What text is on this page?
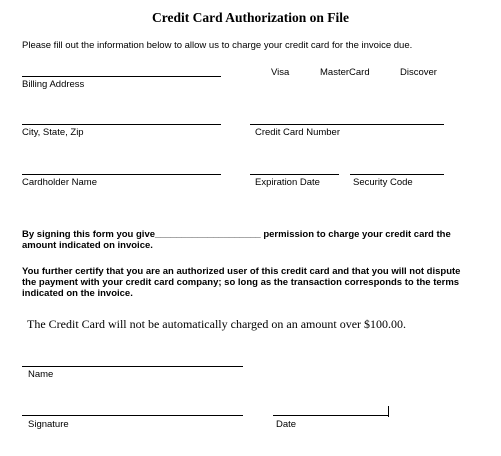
Credit Card Authorization on File
Please fill out the information below to allow us to charge your credit card for the invoice due.
Billing Address
Visa	MasterCard	Discover
City, State, Zip	Credit Card Number
Cardholder Name	Expiration Date	Security Code
By signing this form you give____________________ permission to charge your credit card the
amount indicated on invoice.
You further certify that you are an authorized user of this credit card and that you will not dispute
the payment with your credit card company; so long as the transaction corresponds to the terms
indicated on the invoice.
The Credit Card will not be automatically charged on an amount over $100.00.
Name
Signature	Date
